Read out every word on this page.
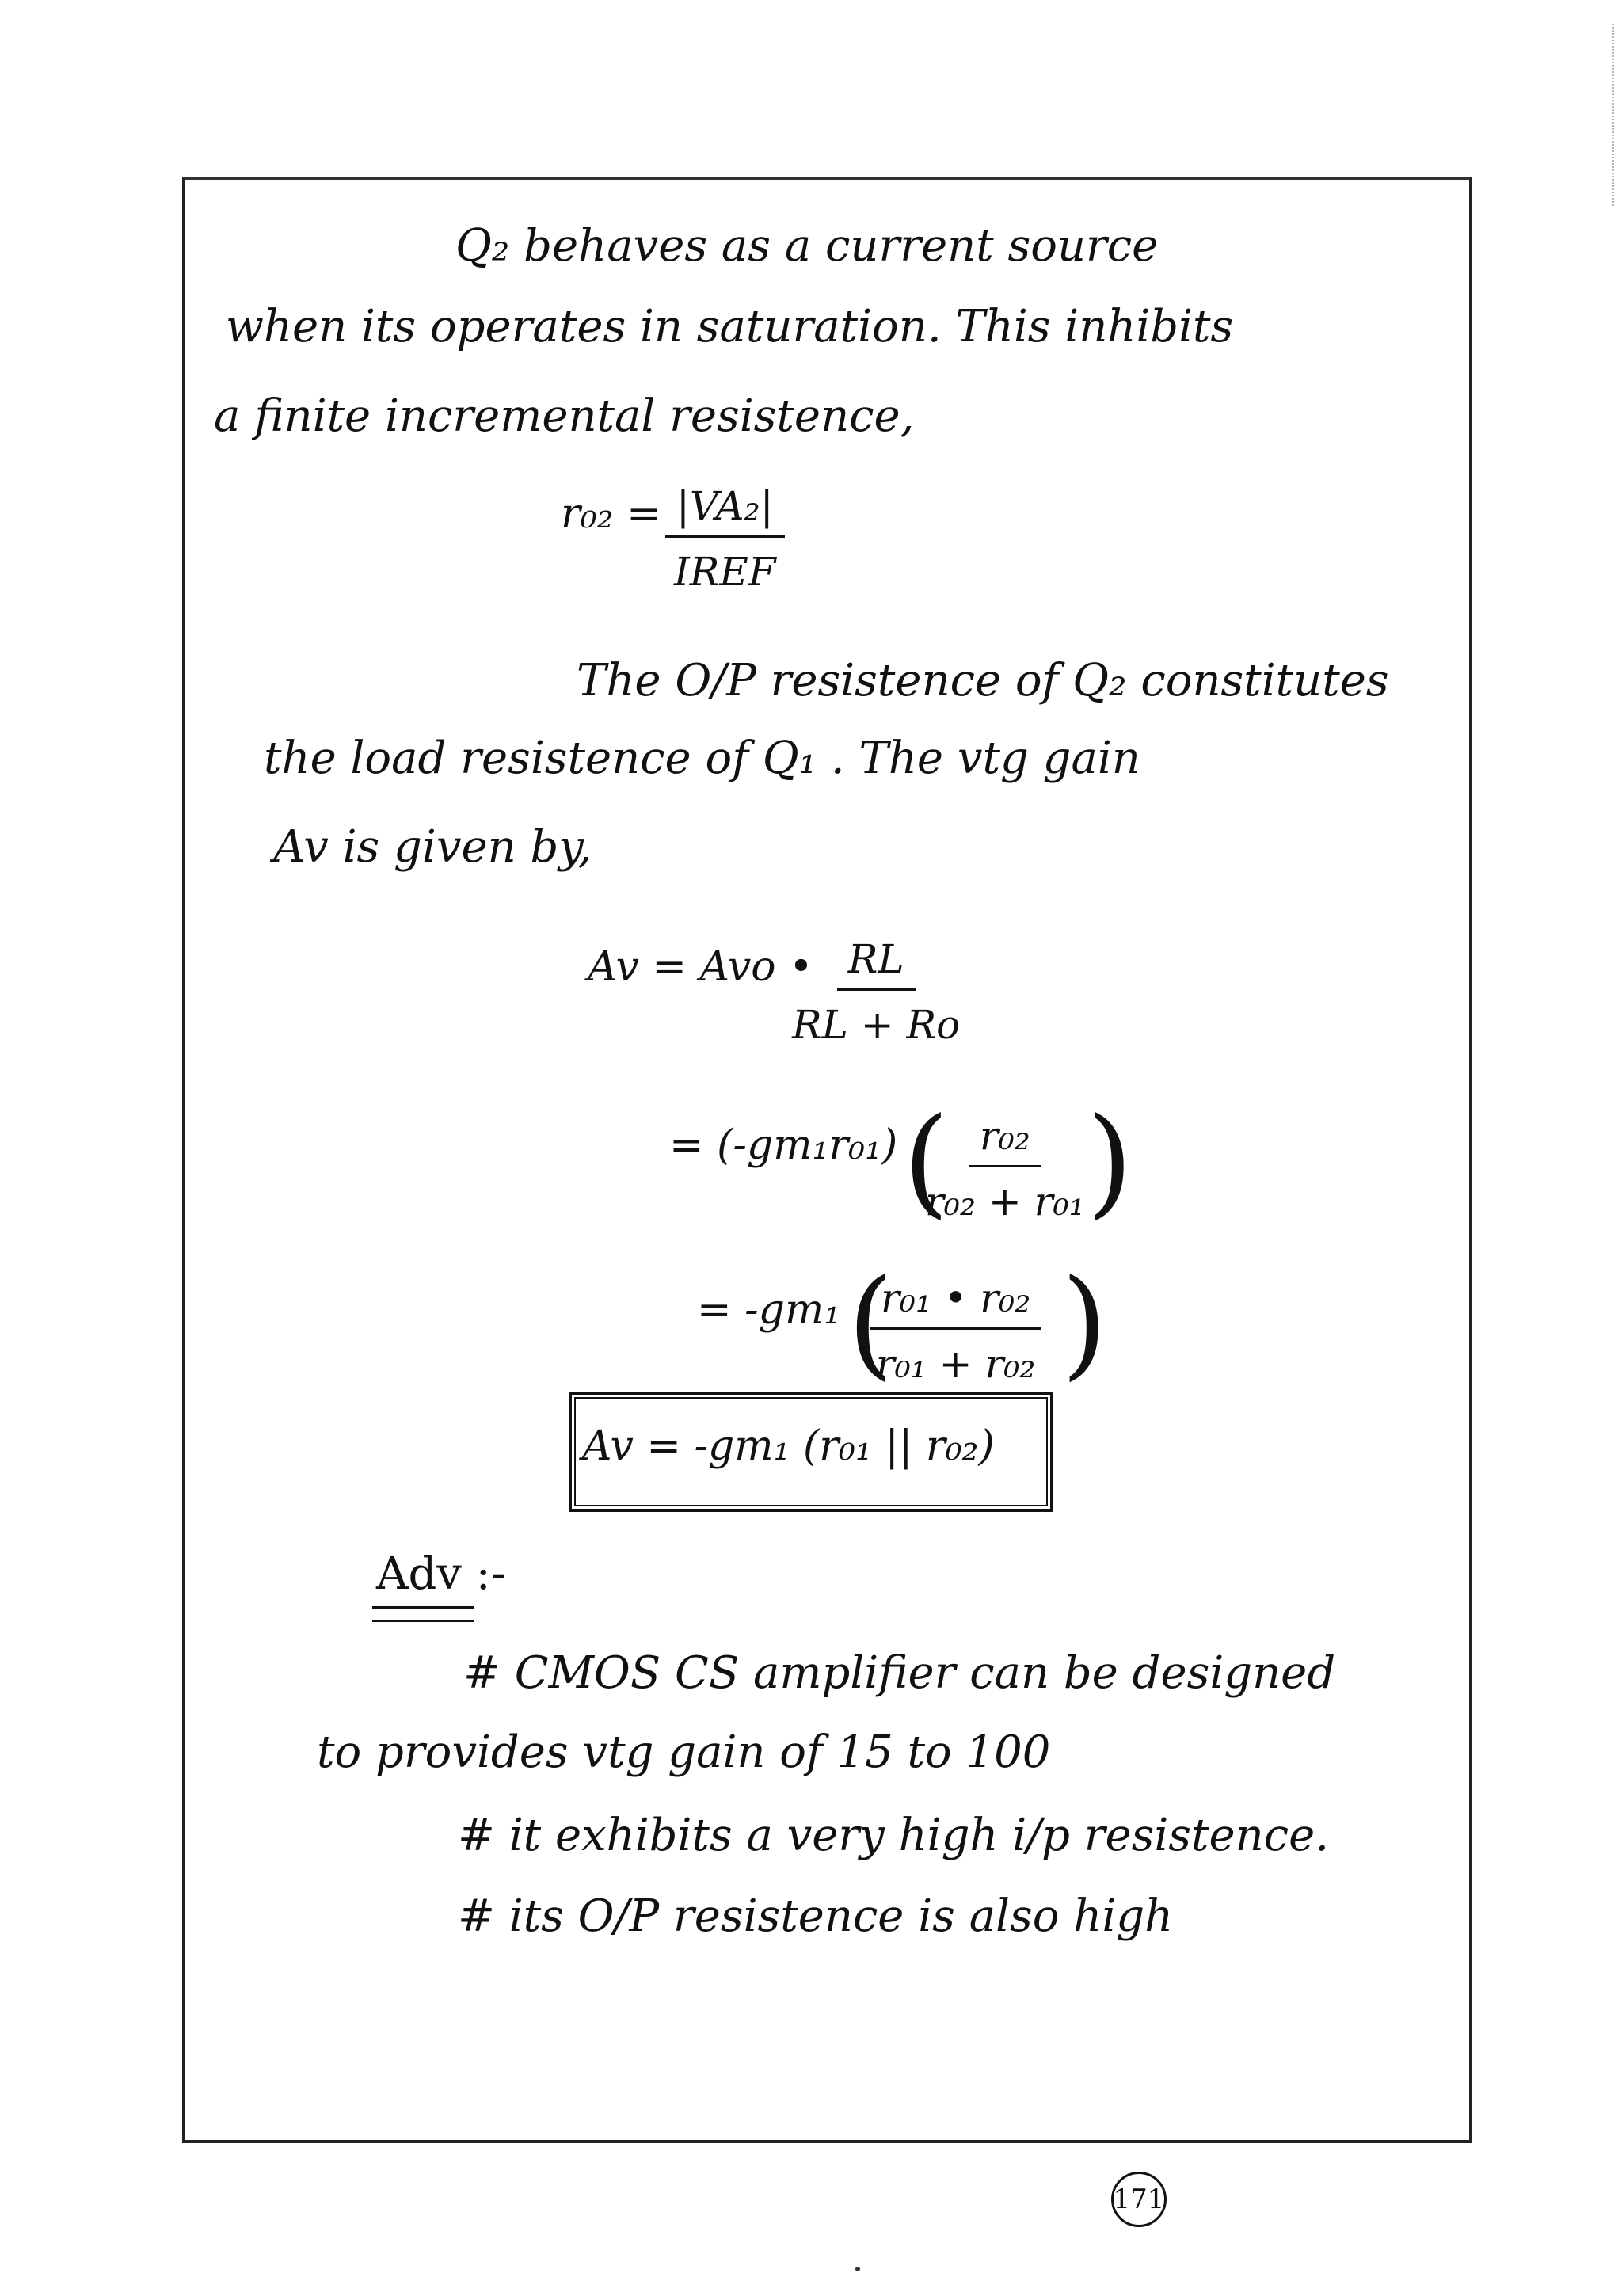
Q₂ behaves as a current source
when its operates in saturation. This inhibits
a finite incremental resistence,
r₀₂ = |VA₂|
IREF
The O/P resistence of Q₂ constitutes
the load resistence of Q₁ . The vtg gain
Av is given by,
Av = Avo •
$\frac{RL}{RL + Ro}$
= (-gm₁r₀₁) (
$\frac{\text{r₀₂}}{\text{r₀₂ + r₀₁}}$ )
= -gm₁ (
$\frac{\text{r₀₁ • r₀₂}}{\text{r₀₁ + r₀₂}}$ )
Av = -gm₁ (r₀₁ || r₀₂)
Adv :-
# CMOS CS amplifier can be designed
to provides vtg gain of 15 to 100
# it exhibits a very high i/p resistence.
# its O/P resistence is also high
171
